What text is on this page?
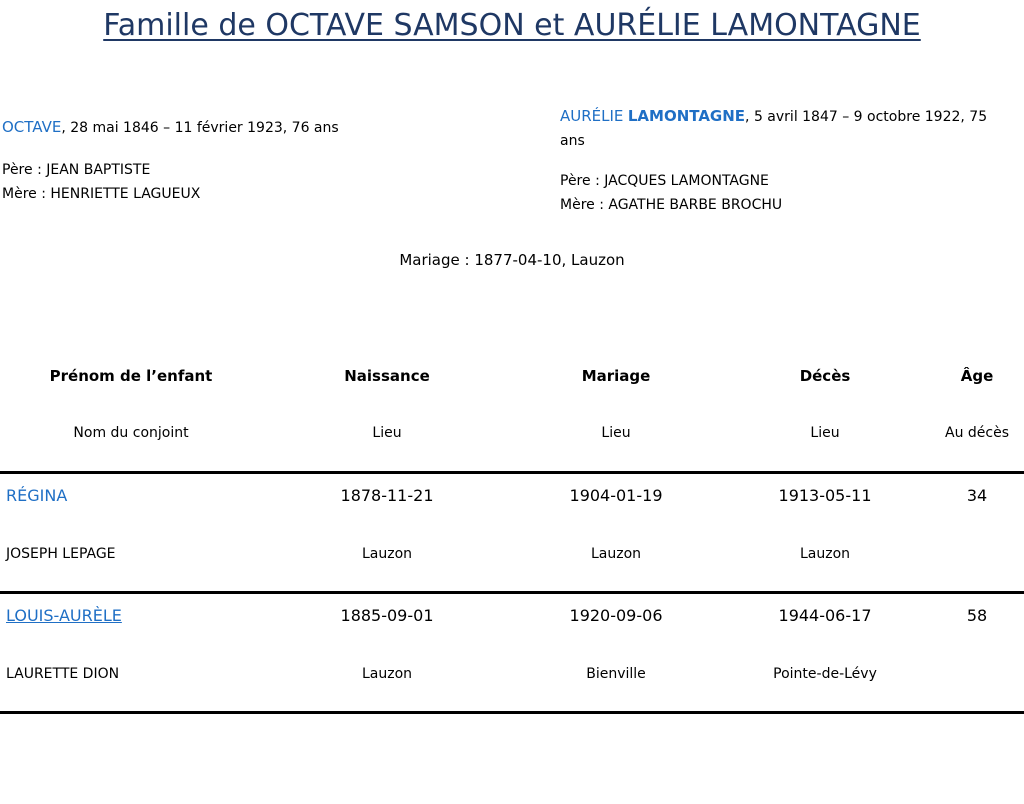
Famille de OCTAVE SAMSON et AURÉLIE LAMONTAGNE
OCTAVE, 28 mai 1846 – 11 février 1923, 76 ans
Père : JEAN BAPTISTE
Mère : HENRIETTE LAGUEUX
AURÉLIE LAMONTAGNE, 5 avril 1847 – 9 octobre 1922, 75 ans
Père : JACQUES LAMONTAGNE
Mère : AGATHE BARBE BROCHU
Mariage : 1877-04-10, Lauzon
Prénom de l’enfant	Naissance	Mariage	Décès	Âge
Nom du conjoint	Lieu	Lieu	Lieu	Au décès
RÉGINA	1878-11-21	1904-01-19	1913-05-11	34
JOSEPH LEPAGE	Lauzon	Lauzon	Lauzon
LOUIS-AURÈLE	1885-09-01	1920-09-06	1944-06-17	58
LAURETTE DION	Lauzon	Bienville	Pointe-de-Lévy
